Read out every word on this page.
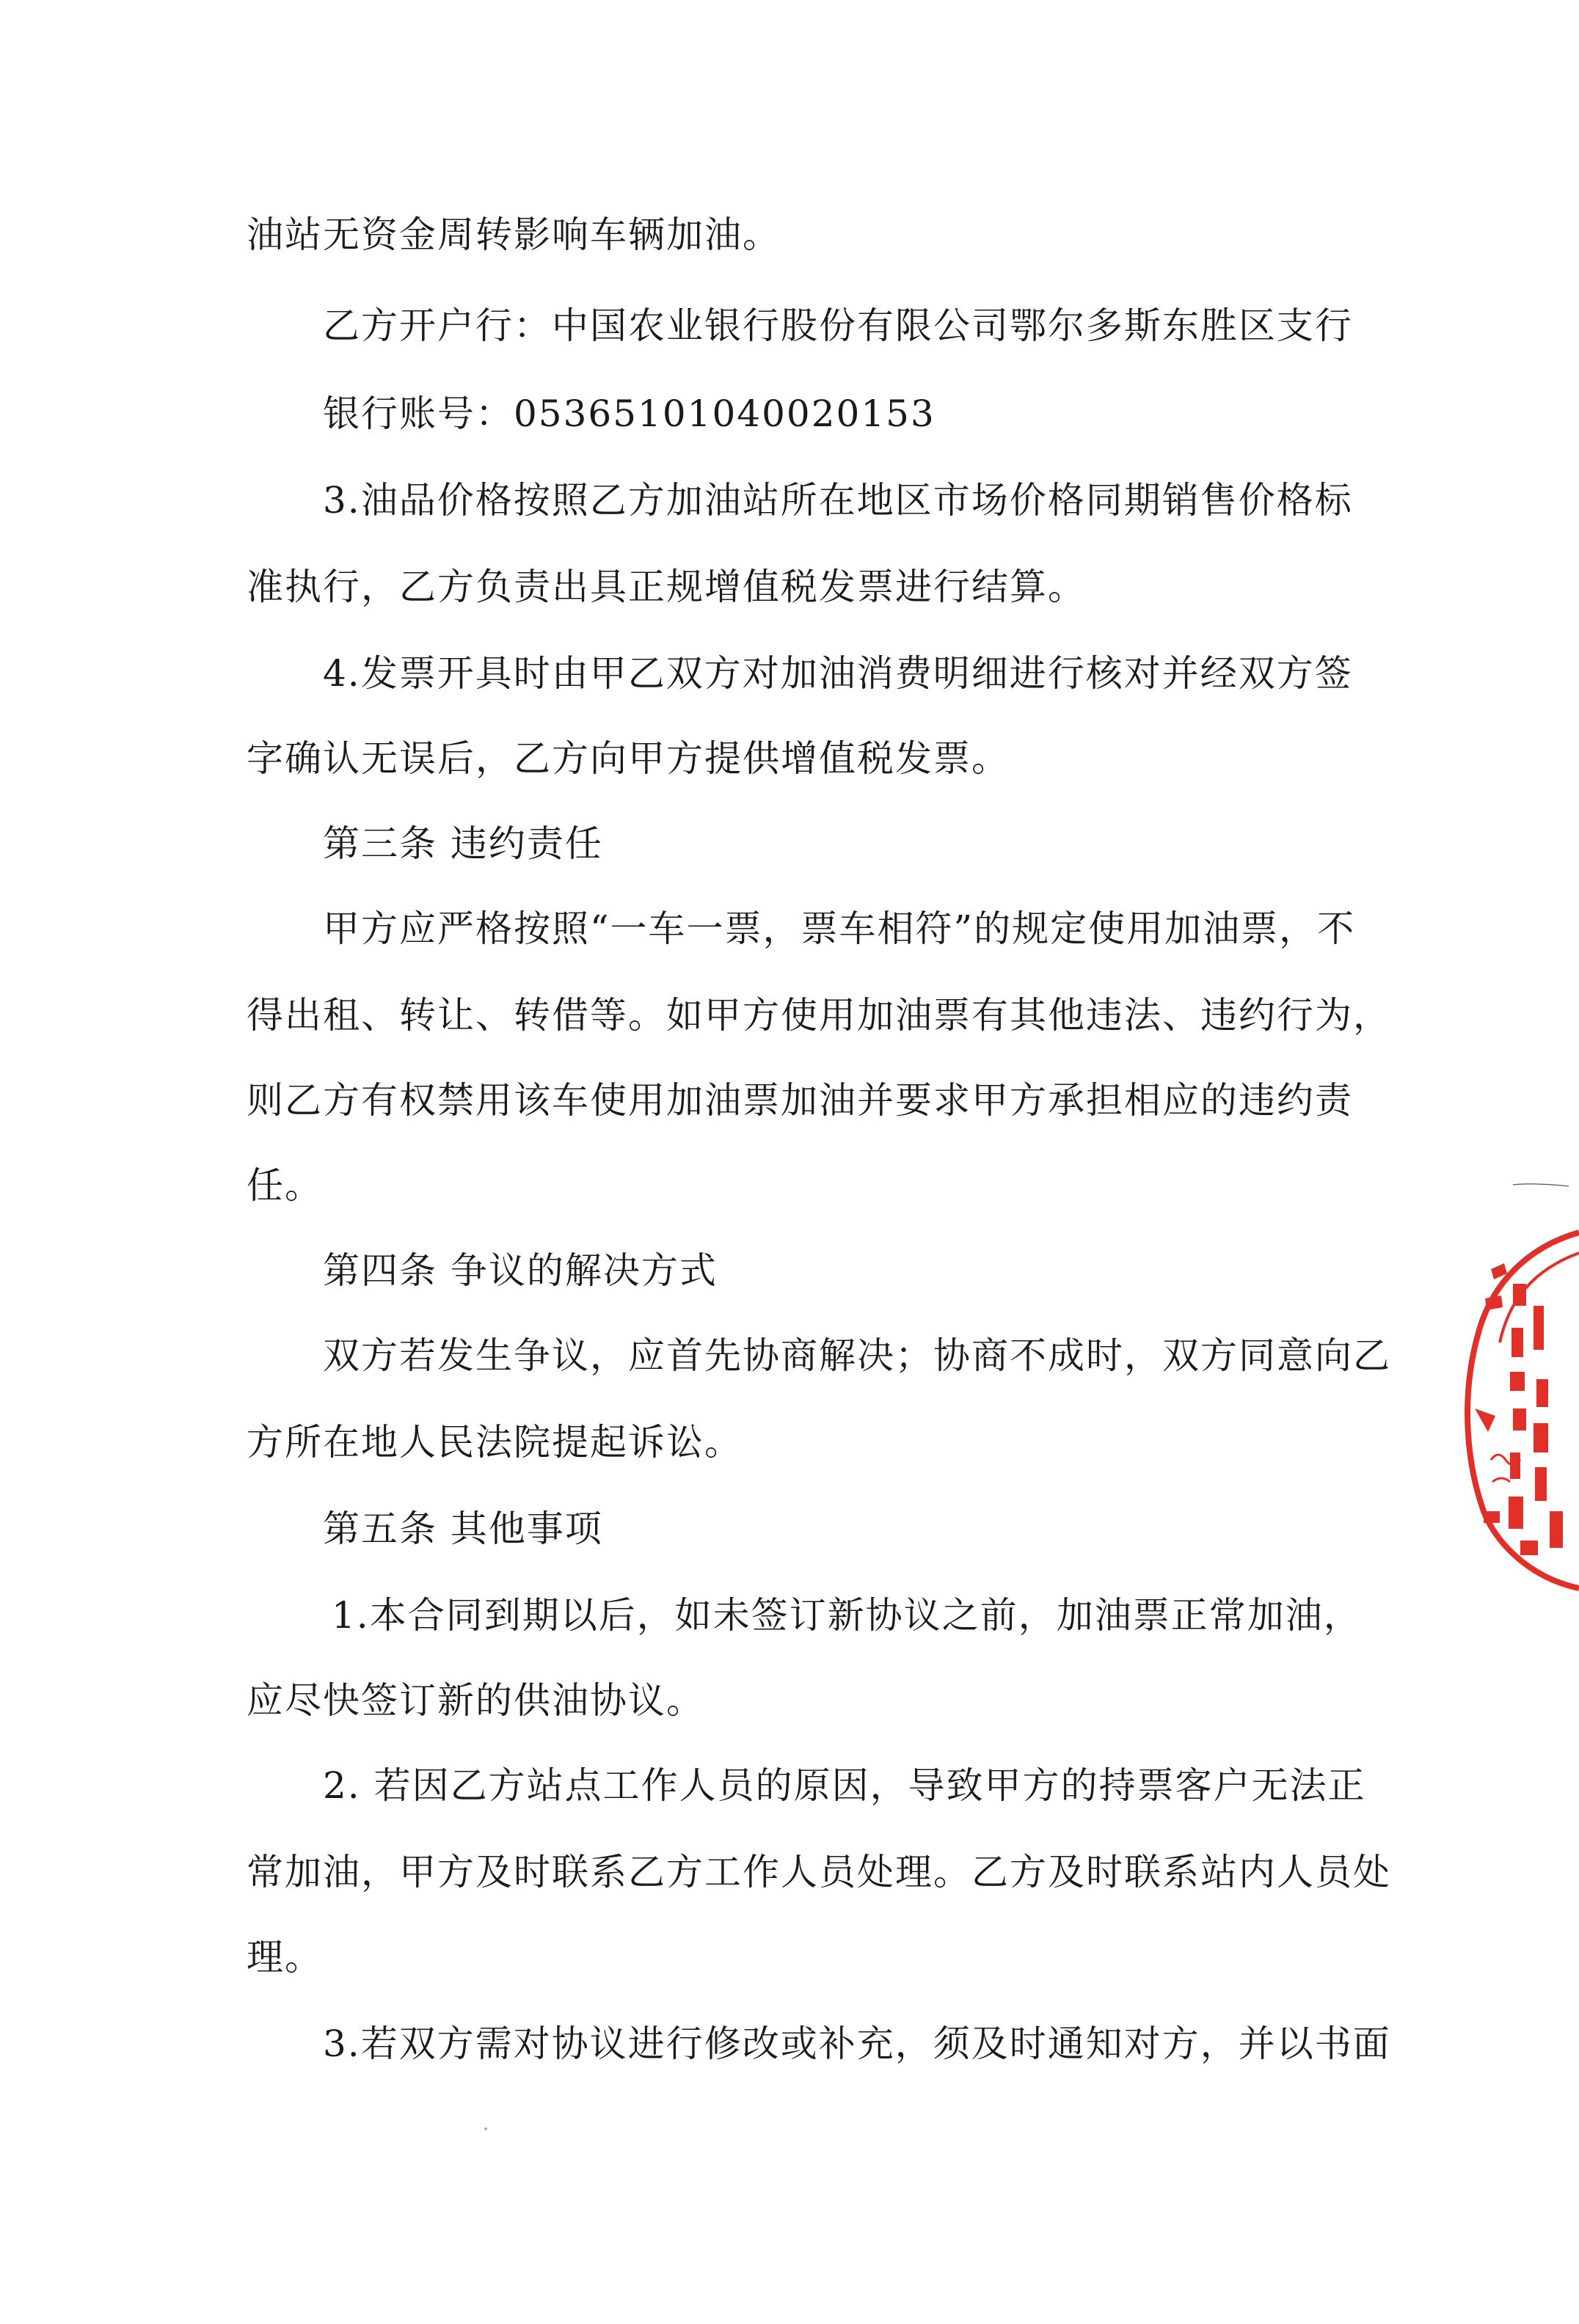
油站无资金周转影响车辆加油。
乙方开户行：中国农业银行股份有限公司鄂尔多斯东胜区支行
银行账号：05365101040020153
3.油品价格按照乙方加油站所在地区市场价格同期销售价格标
准执行，乙方负责出具正规增值税发票进行结算。
4.发票开具时由甲乙双方对加油消费明细进行核对并经双方签
字确认无误后，乙方向甲方提供增值税发票。
第三条 违约责任
甲方应严格按照“一车一票，票车相符”的规定使用加油票，不
得出租、转让、转借等。如甲方使用加油票有其他违法、违约行为，
则乙方有权禁用该车使用加油票加油并要求甲方承担相应的违约责
任。
第四条 争议的解决方式
双方若发生争议，应首先协商解决；协商不成时，双方同意向乙
方所在地人民法院提起诉讼。
第五条 其他事项
1.本合同到期以后，如未签订新协议之前，加油票正常加油，
应尽快签订新的供油协议。
2. 若因乙方站点工作人员的原因，导致甲方的持票客户无法正
常加油，甲方及时联系乙方工作人员处理。乙方及时联系站内人员处
理。
3.若双方需对协议进行修改或补充，须及时通知对方，并以书面
